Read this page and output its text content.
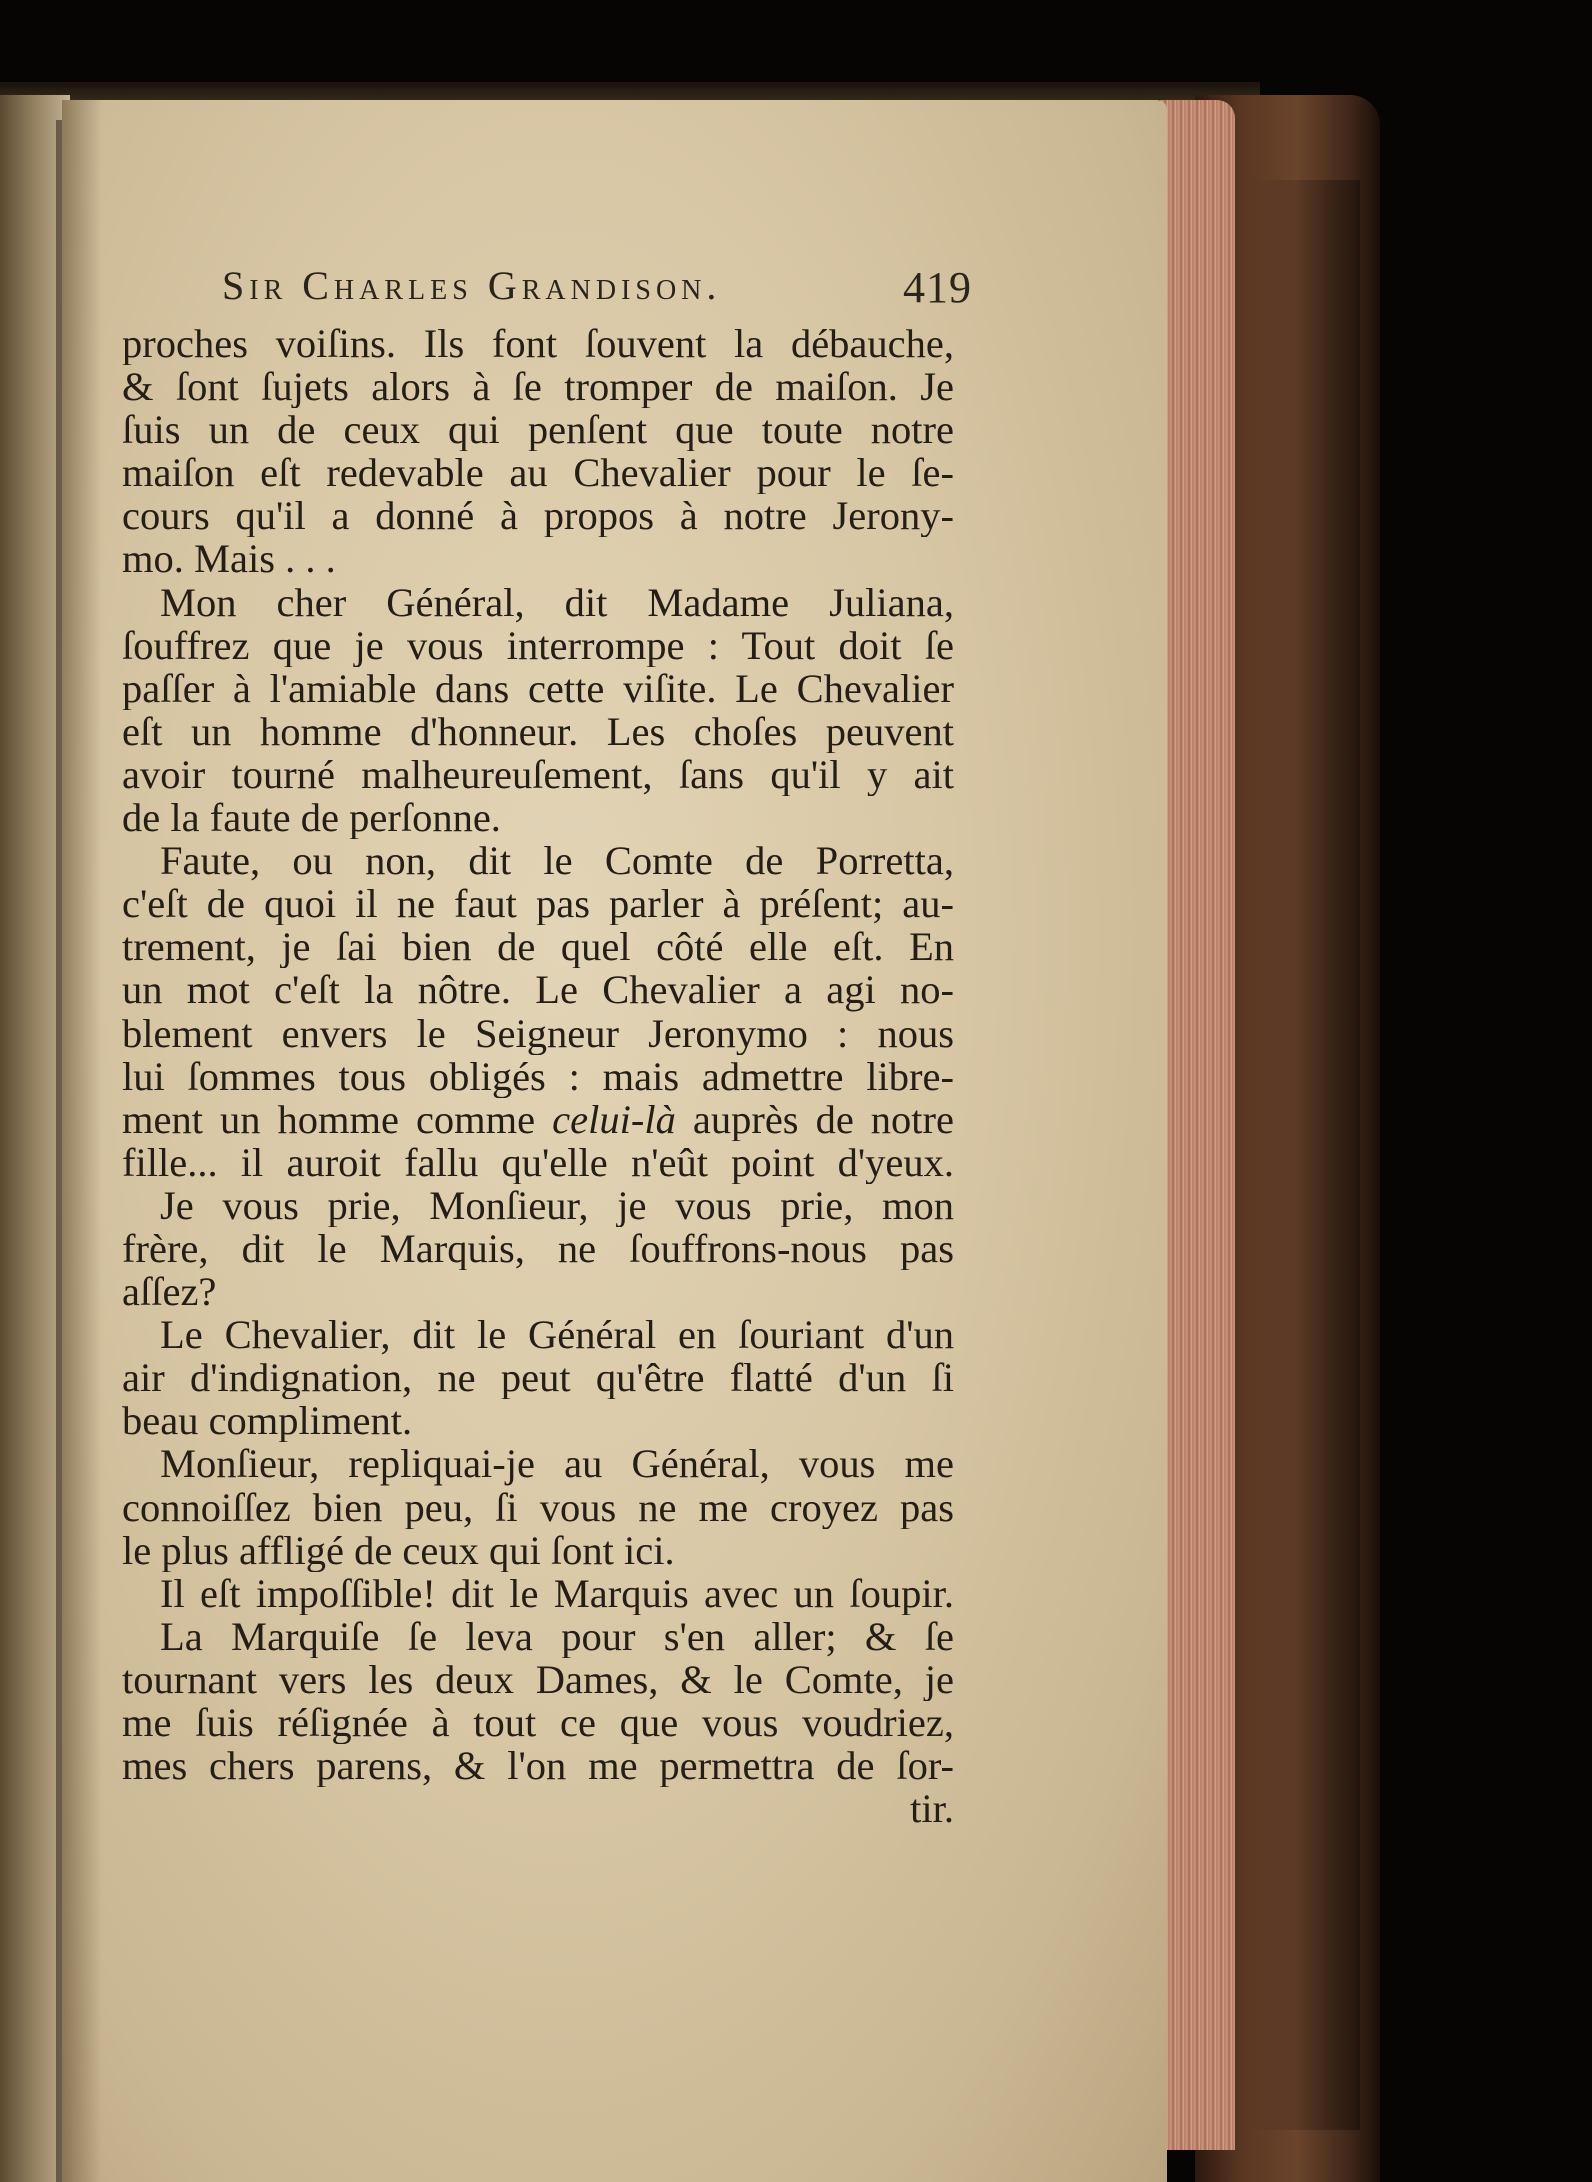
Sir Charles Grandison.	419
proches voiſins. Ils font ſouvent la débauche,
& ſont ſujets alors à ſe tromper de maiſon. Je
ſuis un de ceux qui penſent que toute notre
maiſon eſt redevable au Chevalier pour le ſe-
cours qu'il a donné à propos à notre Jerony-
mo. Mais . . .
Mon cher Général, dit Madame Juliana,
ſouffrez que je vous interrompe : Tout doit ſe
paſſer à l'amiable dans cette viſite. Le Chevalier
eſt un homme d'honneur. Les choſes peuvent
avoir tourné malheureuſement, ſans qu'il y ait
de la faute de perſonne.
Faute, ou non, dit le Comte de Porretta,
c'eſt de quoi il ne faut pas parler à préſent; au-
trement, je ſai bien de quel côté elle eſt. En
un mot c'eſt la nôtre. Le Chevalier a agi no-
blement envers le Seigneur Jeronymo : nous
lui ſommes tous obligés : mais admettre libre-
ment un homme comme celui-là auprès de notre
fille... il auroit fallu qu'elle n'eût point d'yeux.
Je vous prie, Monſieur, je vous prie, mon
frère, dit le Marquis, ne ſouffrons-nous pas
aſſez?
Le Chevalier, dit le Général en ſouriant d'un
air d'indignation, ne peut qu'être flatté d'un ſi
beau compliment.
Monſieur, repliquai-je au Général, vous me
connoiſſez bien peu, ſi vous ne me croyez pas
le plus affligé de ceux qui ſont ici.
Il eſt impoſſible! dit le Marquis avec un ſoupir.
La Marquiſe ſe leva pour s'en aller; & ſe
tournant vers les deux Dames, & le Comte, je
me ſuis réſignée à tout ce que vous voudriez,
mes chers parens, & l'on me permettra de ſor-
tir.
